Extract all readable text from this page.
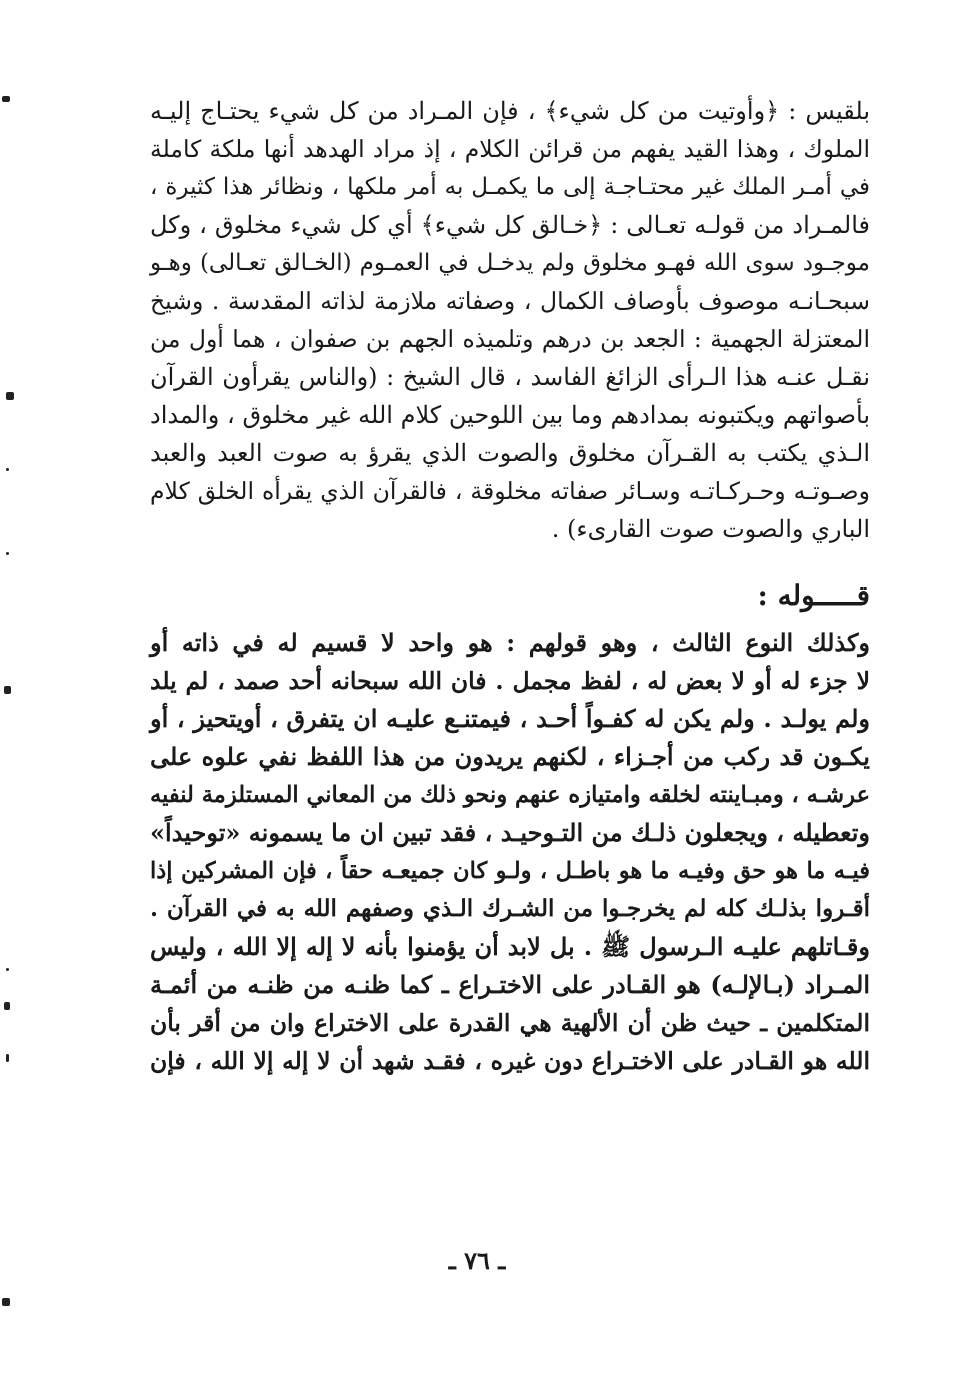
بلقيس : ﴿وأوتيت من كل شيء﴾ ، فإن المـراد من كل شيء يحتـاج إليـه
الملوك ، وهذا القيد يفهم من قرائن الكلام ، إذ مراد الهدهد أنها ملكة كاملة
في أمـر الملك غير محتـاجـة إلى ما يكمـل به أمر ملكها ، ونظائر هذا كثيرة ،
فالمـراد من قولـه تعـالى : ﴿خـالق كل شيء﴾ أي كل شيء مخلوق ، وكل
موجـود سوى الله فهـو مخلوق ولم يدخـل في العمـوم (الخـالق تعـالى) وهـو
سبحـانـه موصوف بأوصاف الكمال ، وصفاته ملازمة لذاته المقدسة . وشيخ
المعتزلة الجهمية : الجعد بن درهم وتلميذه الجهم بن صفوان ، هما أول من
نقـل عنـه هذا الـرأى الزائغ الفاسد ، قال الشيخ : (والناس يقرأون القرآن
بأصواتهم ويكتبونه بمدادهم وما بين اللوحين كلام الله غير مخلوق ، والمداد
الـذي يكتب به القـرآن مخلوق والصوت الذي يقرؤ به صوت العبد والعبد
وصـوتـه وحـركـاتـه وسـائر صفاته مخلوقة ، فالقرآن الذي يقرأه الخلق كلام
الباري والصوت صوت القارىء) .
قـــــوله :
وكذلك النوع الثالث ، وهو قولهم : هو واحد لا قسيم له في ذاته أو
لا جزء له أو لا بعض له ، لفظ مجمل . فان الله سبحانه أحد صمد ، لم يلد
ولم يولـد . ولم يكن له كفـواً أحـد ، فيمتنـع عليـه ان يتفرق ، أويتحيز ، أو
يكـون قد ركب من أجـزاء ، لكنهم يريدون من هذا اللفظ نفي علوه على
عرشـه ، ومبـاينته لخلقه وامتيازه عنهم ونحو ذلك من المعاني المستلزمة لنفيه
وتعطيله ، ويجعلون ذلـك من التـوحيـد ، فقد تبين ان ما يسمونه «توحيداً»
فيـه ما هو حق وفيـه ما هو باطـل ، ولـو كان جميعـه حقاً ، فإن المشركين إذا
أقـروا بذلـك كله لم يخرجـوا من الشـرك الـذي وصفهم الله به في القرآن .
وقـاتلهم عليـه الـرسول ﷺ . بل لابد أن يؤمنوا بأنه لا إله إلا الله ، وليس
المـراد (بـالإلـه) هو القـادر على الاختـراع ـ كما ظنـه من ظنـه من أئمـة
المتكلمين ـ حيث ظن أن الألهية هي القدرة على الاختراع وان من أقر بأن
الله هو القـادر على الاختـراع دون غيره ، فقـد شهد أن لا إله إلا الله ، فإن
ـ ٧٦ ـ
